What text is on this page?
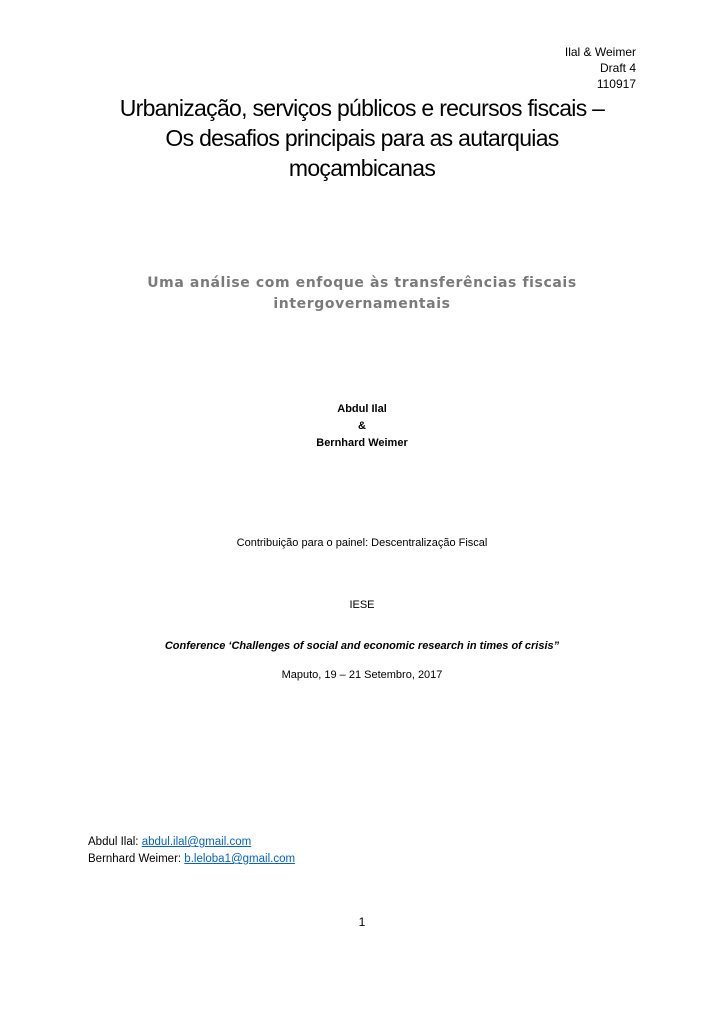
Ilal & Weimer
Draft 4
110917
Urbanização, serviços públicos e recursos fiscais –
Os desafios principais para as autarquias
moçambicanas
Uma análise com enfoque às transferências fiscais
intergovernamentais
Abdul Ilal
&
Bernhard Weimer
Contribuição para o painel: Descentralização Fiscal
IESE
Conference ‘Challenges of social and economic research in times of crisis”
Maputo, 19 – 21 Setembro, 2017
Abdul Ilal: abdul.ilal@gmail.com
Bernhard Weimer: b.leloba1@gmail.com
1
